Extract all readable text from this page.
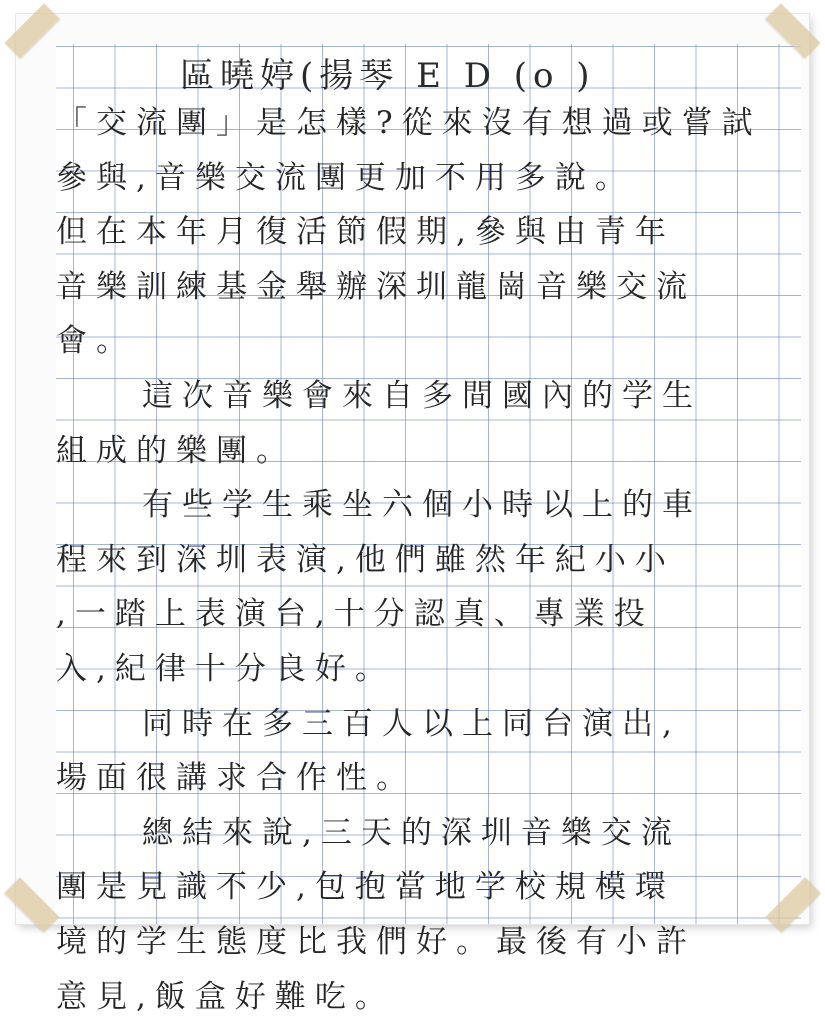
區曉婷(揚琴 E D (o )
「交流團」是怎樣?從來沒有想過或嘗試
參與,音樂交流團更加不用多說。
但在本年月復活節假期,參與由青年
音樂訓練基金舉辦深圳龍崗音樂交流
會。
這次音樂會來自多間國內的学生
組成的樂團。
有些学生乘坐六個小時以上的車
程來到深圳表演,他們雖然年紀小小
,一踏上表演台,十分認真、專業投
入,紀律十分良好。
同時在多三百人以上同台演出,
場面很講求合作性。
總結來說,三天的深圳音樂交流
團是見識不少,包抱當地学校規模環
境的学生態度比我們好。最後有小許
意見,飯盒好難吃。
